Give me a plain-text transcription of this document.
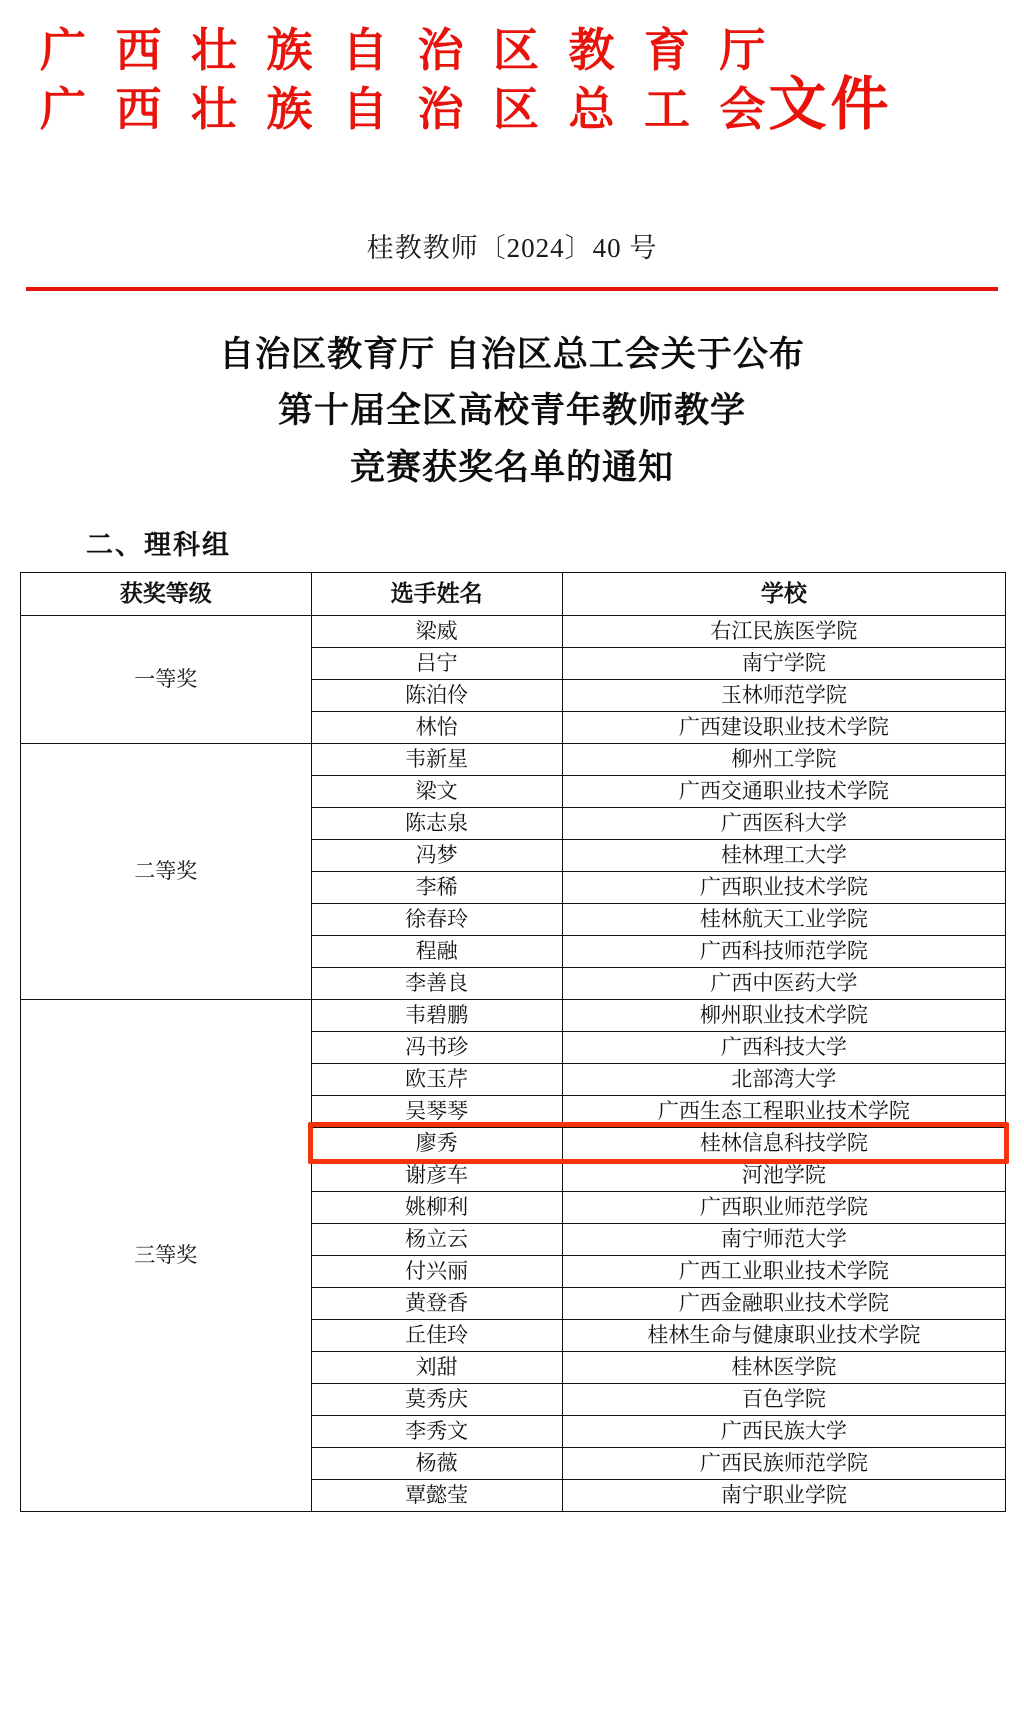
广 西 壮 族 自 治 区 教 育 厅
广 西 壮 族 自 治 区 总 工 会
文件
桂教教师〔2024〕40 号
自治区教育厅 自治区总工会关于公布
第十届全区高校青年教师教学
竞赛获奖名单的通知
二、理科组
获奖等级	选手姓名	学校
一等奖	梁威	右江民族医学院
	吕宁	南宁学院
	陈泊伶	玉林师范学院
	林怡	广西建设职业技术学院
二等奖	韦新星	柳州工学院
	梁文	广西交通职业技术学院
	陈志泉	广西医科大学
	冯梦	桂林理工大学
	李稀	广西职业技术学院
	徐春玲	桂林航天工业学院
	程融	广西科技师范学院
	李善良	广西中医药大学
三等奖	韦碧鹏	柳州职业技术学院
	冯书珍	广西科技大学
	欧玉芹	北部湾大学
	吴琴琴	广西生态工程职业技术学院
	廖秀	桂林信息科技学院
	谢彦车	河池学院
	姚柳利	广西职业师范学院
	杨立云	南宁师范大学
	付兴丽	广西工业职业技术学院
	黄登香	广西金融职业技术学院
	丘佳玲	桂林生命与健康职业技术学院
	刘甜	桂林医学院
	莫秀庆	百色学院
	李秀文	广西民族大学
	杨薇	广西民族师范学院
	覃懿莹	南宁职业学院
